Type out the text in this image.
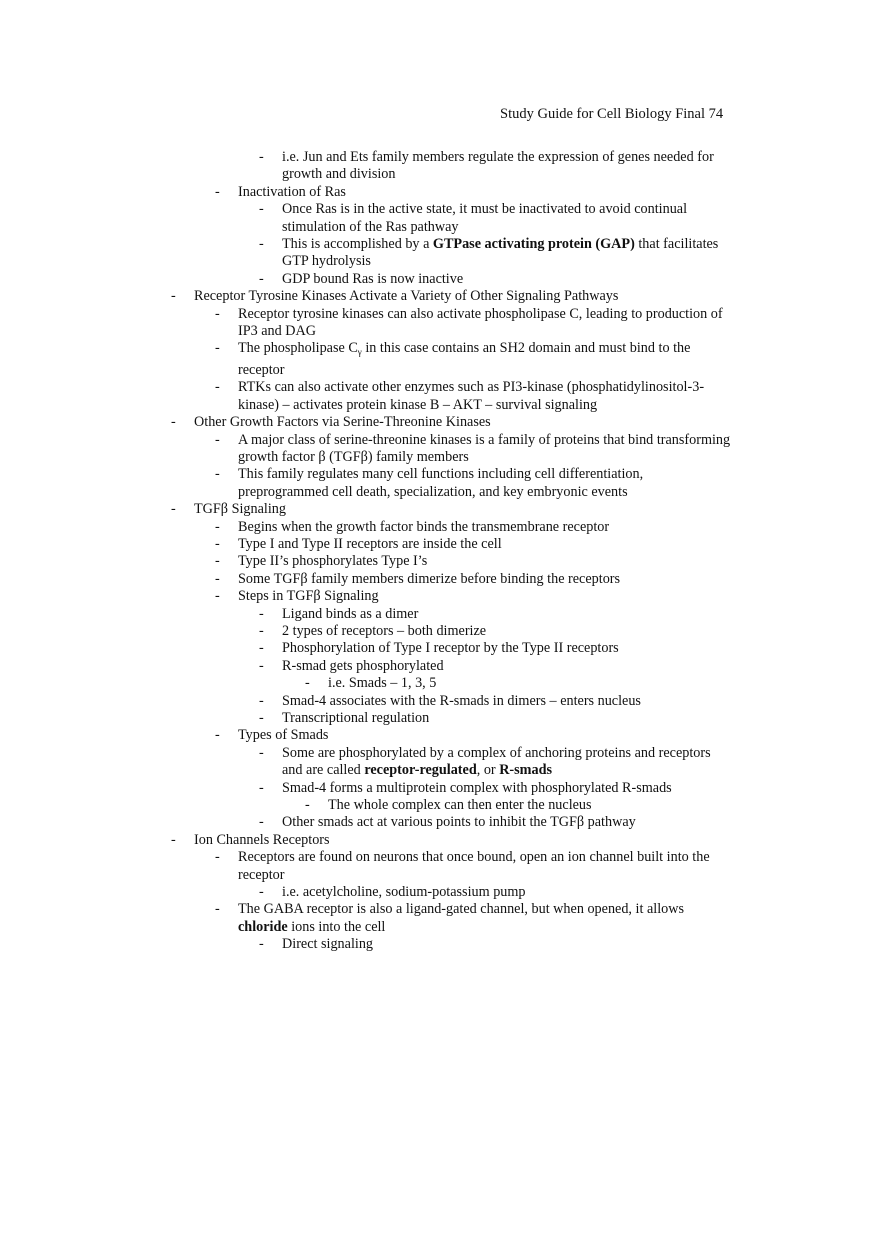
Study Guide for Cell Biology Final 74
- i.e. Jun and Ets family members regulate the expression of genes needed for growth and division
- Inactivation of Ras
- Once Ras is in the active state, it must be inactivated to avoid continual stimulation of the Ras pathway
- This is accomplished by a GTPase activating protein (GAP) that facilitates GTP hydrolysis
- GDP bound Ras is now inactive
- Receptor Tyrosine Kinases Activate a Variety of Other Signaling Pathways
- Receptor tyrosine kinases can also activate phospholipase C, leading to production of IP3 and DAG
- The phospholipase $C_\gamma$ in this case contains an SH2 domain and must bind to the receptor
- RTKs can also activate other enzymes such as PI3-kinase (phosphatidylinositol-3-kinase) – activates protein kinase B – AKT – survival signaling
- Other Growth Factors via Serine-Threonine Kinases
- A major class of serine-threonine kinases is a family of proteins that bind transforming growth factor β (TGFβ) family members
- This family regulates many cell functions including cell differentiation, preprogrammed cell death, specialization, and key embryonic events
- TGFβ Signaling
- Begins when the growth factor binds the transmembrane receptor
- Type I and Type II receptors are inside the cell
- Type II’s phosphorylates Type I’s
- Some TGFβ family members dimerize before binding the receptors
- Steps in TGFβ Signaling
- Ligand binds as a dimer
- 2 types of receptors – both dimerize
- Phosphorylation of Type I receptor by the Type II receptors
- R-smad gets phosphorylated
- i.e. Smads – 1, 3, 5
- Smad-4 associates with the R-smads in dimers – enters nucleus
- Transcriptional regulation
- Types of Smads
- Some are phosphorylated by a complex of anchoring proteins and receptors and are called receptor-regulated, or R-smads
- Smad-4 forms a multiprotein complex with phosphorylated R-smads
- The whole complex can then enter the nucleus
- Other smads act at various points to inhibit the TGFβ pathway
- Ion Channels Receptors
- Receptors are found on neurons that once bound, open an ion channel built into the receptor
- i.e. acetylcholine, sodium-potassium pump
- The GABA receptor is also a ligand-gated channel, but when opened, it allows chloride ions into the cell
- Direct signaling
